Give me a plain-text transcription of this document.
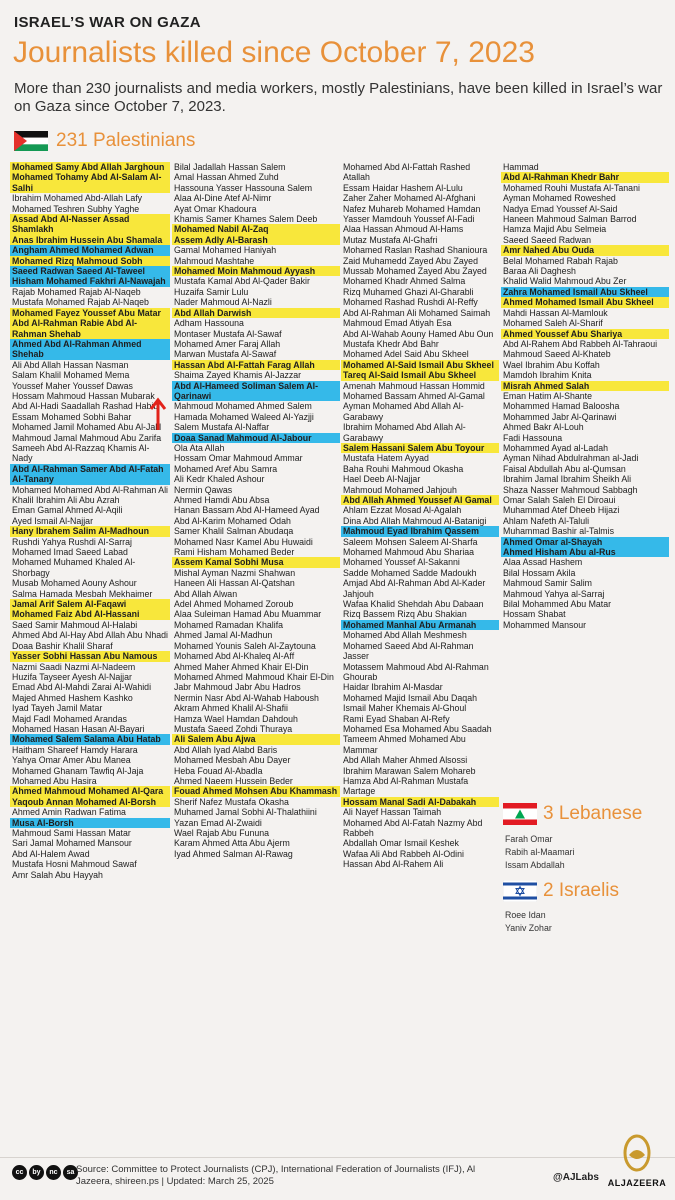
ISRAEL’S WAR ON GAZA
Journalists killed since October 7, 2023
More than 230 journalists and media workers, mostly Palestinians, have been killed in Israel’s war on Gaza since October 7, 2023.
231 Palestinians
Mohamed Samy Abd Allah Jarghoun
Mohamed Tohamy Abd Al-Salam Al-Salhi
Ibrahim Mohamed Abd-Allah Lafy
Mohamed Teshren Subhy Yaghe
Assad Abd Al-Nasser Assad Shamlakh
Anas Ibrahim Hussein Abu Shamala
Angham Ahmed Mohamed Adwan
Mohamed Rizq Mahmoud Sobh
Saeed Radwan Saeed Al-Taweel
Hisham Mohamed Fakhri Al-Nawajah
Rajab Mohamed Rajab Al-Naqeb
Mustafa Mohamed Rajab Al-Naqeb
Mohamed Fayez Youssef Abu Matar
Abd Al-Rahman Rabie Abd Al-Rahman Shehab
Ahmed Abd Al-Rahman Ahmed Shehab
Ali Abd Allah Hassan Nasman
Salam Khalil Mohamed Mema
Youssef Maher Youssef Dawas
Hossam Mahmoud Hassan Mubarak
Abd Al-Hadi Saadallah Rashad Habib
Essam Mohamed Sobhi Bahar
Mohamed Jamil Mohamed Abu Al-Jalil
Mahmoud Jamal Mahmoud Abu Zarifa
Sameeh Abd Al-Razzaq Khamis Al-Nady
Abd Al-Rahman Samer Abd Al-Fatah Al-Tanany
Mohamed Mohamed Abd Al-Rahman Ali
Khalil Ibrahim Ali Abu Azrah
Eman Gamal Ahmed Al-Aqili
Ayed Ismail Al-Najjar
Hany Ibrahem Salim Al-Madhoun
Rushdi Yahya Rushdi Al-Sarraj
Mohamed Imad Saeed Labad
Mohamed Muhamed Khaled Al-Shorbagy
Musab Mohamed Aouny Ashour
Salma Hamada Mesbah Mekhaimer
Jamal Arif Salem Al-Faqawi
Mohamed Faiz Abd Al-Hassani
Saed Samir Mahmoud Al-Halabi
Ahmed Abd Al-Hay Abd Allah Abu Nhadi
Doaa Bashir Khalil Sharaf
Yasser Sobhi Hassan Abu Namous
Nazmi Saadi Nazmi Al-Nadeem
Huzifa Tayseer Ayesh Al-Najjar
Emad Abd Al-Mahdi Zarai Al-Wahidi
Majed Ahmed Hashem Kashko
Iyad Tayeh Jamil Matar
Majd Fadl Mohamed Arandas
Mohamed Hasan Hasan Al-Bayari
Mohamed Salem Salama Abu Hatab
Haitham Shareef Hamdy Harara
Yahya Omar Amer Abu Manea
Mohamed Ghanam Tawfiq Al-Jaja
Mohamed Abu Hasira
Ahmed Mahmoud Mohamed Al-Qara
Yaqoub Annan Mohamed Al-Borsh
Ahmed Amin Radwan Fatima
Musa Al-Borsh
Mahmoud Sami Hassan Matar
Sari Jamal Mohamed Mansour
Abd Al-Halem Awad
Mustafa Hosni Mahmoud Sawaf
Amr Salah Abu Hayyah
Bilal Jadallah Hassan Salem
Amal Hassan Ahmed Zuhd
Hassouna Yasser Hassouna Salem
Alaa Al-Dine Atef Al-Nimr
Ayat Omar Khadoura
Khamis Samer Khames Salem Deeb
Mohamed Nabil Al-Zaq
Assem Adly Al-Barash
Gamal Mohamed Haniyah
Mahmoud Mashtahe
Mohamed Moin Mahmoud Ayyash
Mustafa Kamal Abd Al-Qader Bakir
Huzaifa Samir Lulu
Nader Mahmoud Al-Nazli
Abd Allah Darwish
Adham Hassouna
Montaser Mustafa Al-Sawaf
Mohamed Amer Faraj Allah
Marwan Mustafa Al-Sawaf
Hassan Abd Al-Fattah Farag Allah
Shaima Zayed Khamis Al-Jazzar
Abd Al-Hameed Soliman Salem Al-Qarinawi
Mahmoud Mohamed Ahmed Salem
Hamada Mohamed Waleed Al-Yazjji
Salem Mustafa Al-Naffar
Doaa Sanad Mahmoud Al-Jabour
Ola Ata Allah
Hossam Omar Mahmoud Ammar
Mohamed Aref Abu Samra
Ali Kedr Khaled Ashour
Nermin Qawas
Ahmed Hamdi Abu Absa
Hanan Bassam Abd Al-Hameed Ayad
Abd Al-Karim Mohamed Odah
Samer Khalil Salman Abudaqa
Mohamed Nasr Kamel Abu Huwaidi
Rami Hisham Mohamed Beder
Assem Kamal Sobhi Musa
Mishal Ayman Nazmi Shahwan
Haneen Ali Hassan Al-Qatshan
Abd Allah Alwan
Adel Ahmed Mohamed Zoroub
Alaa Suleiman Hamad Abu Muammar
Mohamed Ramadan Khalifa
Ahmed Jamal Al-Madhun
Mohamed Younis Saleh Al-Zaytouna
Mohamed Abd Al-Khaleq Al-Aff
Ahmed Maher Ahmed Khair El-Din
Mohamed Ahmed Mahmoud Khair El-Din
Jabr Mahmoud Jabr Abu Hadros
Nermin Nasr Abd Al-Wahab Haboush
Akram Ahmed Khalil Al-Shafii
Hamza Wael Hamdan Dahdouh
Mustafa Saeed Zohdi Thuraya
Ali Salem Abu Ajwa
Abd Allah Iyad Alabd Baris
Mohamed Mesbah Abu Dayer
Heba Fouad Al-Abadla
Ahmed Naeem Hussein Beder
Fouad Ahmed Mohsen Abu Khammash
Sherif Nafez Mustafa Okasha
Muhamed Jamal Sobhi Al-Thalathiini
Yazan Emad Al-Zwaidi
Wael Rajab Abu Fununa
Karam Ahmed Atta Abu Ajerm
Iyad Ahmed Salman Al-Rawag
Mohamed Abd Al-Fattah Rashed Atallah
Essam Haidar Hashem Al-Lulu
Zaher Zaher Mohamed Al-Afghani
Nafez Muhareb Mohamed Hamdan
Yasser Mamdouh Youssef Al-Fadi
Alaa Hassan Ahmoud Al-Hams
Mutaz Mustafa Al-Ghafri
Mohamed Raslan Rashad Shanioura
Zaid Muhamedd Zayed Abu Zayed
Mussab Mohamed Zayed Abu Zayed
Mohamed Khadr Ahmed Salma
Rizq Muhamed Ghazi Al-Gharabli
Mohamed Rashad Rushdi Al-Reffy
Abd Al-Rahman Ali Mohamed Saimah
Mahmoud Emad Atiyah Esa
Abd Al-Wahab Aouny Hamed Abu Oun
Mustafa Khedr Abd Bahr
Mohamed Adel Said Abu Skheel
Mohamed Al-Said Ismail Abu Skheel
Tareq Al-Said Ismail Abu Skheel
Amenah Mahmoud Hassan Hommid
Mohamed Bassam Ahmed Al-Gamal
Ayman Mohamed Abd Allah Al-Garabawy
Ibrahim Mohamed Abd Allah Al-Garabawy
Salem Hassani Salem Abu Toyour
Mustafa Hatem Ayyad
Baha Rouhi Mahmoud Okasha
Hael Deeb Al-Najjar
Mahmoud Mohamed Jahjouh
Abd Allah Ahmed Youssef Al Gamal
Ahlam Ezzat Mosad Al-Agalah
Dina Abd Allah Mahmoud Al-Batanigi
Mahmoud Eyad Ibrahim Qassem
Saleem Mohsen Saleem Al-Sharfa
Mohamed Mahmoud Abu Shariaa
Mohamed Youssef Al-Sakanni
Sadde Mohamed Sadde Madoukh
Amjad Abd Al-Rahman Abd Al-Kader Jahjouh
Wafaa Khalid Shehdah Abu Dabaan
Rizq Bassem Rizq Abu Shakian
Mohamed Manhal Abu Armanah
Mohamed Abd Allah Meshmesh
Mohamed Saeed Abd Al-Rahman Jasser
Motassem Mahmoud Abd Al-Rahman Ghourab
Haidar Ibrahim Al-Masdar
Mohamed Majid Ismail Abu Daqah
Ismail Maher Khemais Al-Ghoul
Rami Eyad Shaban Al-Refy
Mohamed Esa Mohamed Abu Saadah
Tameem Ahmed Mohamed Abu Mammar
Abd Allah Maher Ahmed Alsossi
Ibrahim Marawan Salem Mohareb
Hamza Abd Al-Rahman Mustafa Martage
Hossam Manal Sadi Al-Dabakah
Ali Nayef Hassan Taimah
Mohamed Abd Al-Fatah Nazmy Abd Rabbeh
Abdallah Omar Ismail Keshek
Wafaa Ali Abd Rabbeh Al-Odini
Hassan Abd Al-Rahem Ali
Hammad
Abd Al-Rahman Khedr Bahr
Mohamed Rouhi Mustafa Al-Tanani
Ayman Mohamed Roweshed
Nadya Emad Youssef Al-Said
Haneen Mahmoud Salman Barrod
Hamza Majid Abu Selmeia
Saeed Saeed Radwan
Amr Nahed Abu Ouda
Belal Mohamed Rabah Rajab
Baraa Ali Daghesh
Khalid Walid Mahmoud Abu Zer
Zahra Mohamed Ismail Abu Skheel
Ahmed Mohamed Ismail Abu Skheel
Mahdi Hassan Al-Mamlouk
Mohamed Saleh Al-Sharif
Ahmed Youssef Abu Shariya
Abd Al-Rahem Abd Rabbeh Al-Tahraoui
Mahmoud Saeed Al-Khateb
Wael Ibrahim Abu Koffah
Mamdoh Ibrahim Knita
Misrah Ahmed Salah
Eman Hatim Al-Shante
Mohammed Hamad Baloosha
Mohammed Jabr Al-Qarinawi
Ahmed Bakr Al-Louh
Fadi Hassouna
Mohammed Ayad al-Ladah
Ayman Nihad Abdulrahman al-Jadi
Faisal Abdullah Abu al-Qumsan
Ibrahim Jamal Ibrahim Sheikh Ali
Shaza Nasser Mahmoud Sabbagh
Omar Salah Saleh El Diroaui
Muhammad Atef Dheeb Hijazi
Ahlam Nafeth Al-Taluli
Muhammad Bashir al-Talmis
Ahmed Omar al-Shayah
Ahmed Hisham Abu al-Rus
Alaa Assad Hashem
Bilal Hossam Akila
Mahmoud Samir Salim
Mahmoud Yahya al-Sarraj
Bilal Mohammed Abu Matar
Hossam Shabat
Mohammed Mansour
3 Lebanese
Farah Omar
Rabih al-Maamari
Issam Abdallah
2 Israelis
Roee Idan
Yaniv Zohar
cc	by	nc	sa Source: Committee to Protect Journalists (CPJ), International Federation of Journalists (IFJ), Al Jazeera, shireen.ps | Updated: March 25, 2025	@AJLabs ALJAZEERA
